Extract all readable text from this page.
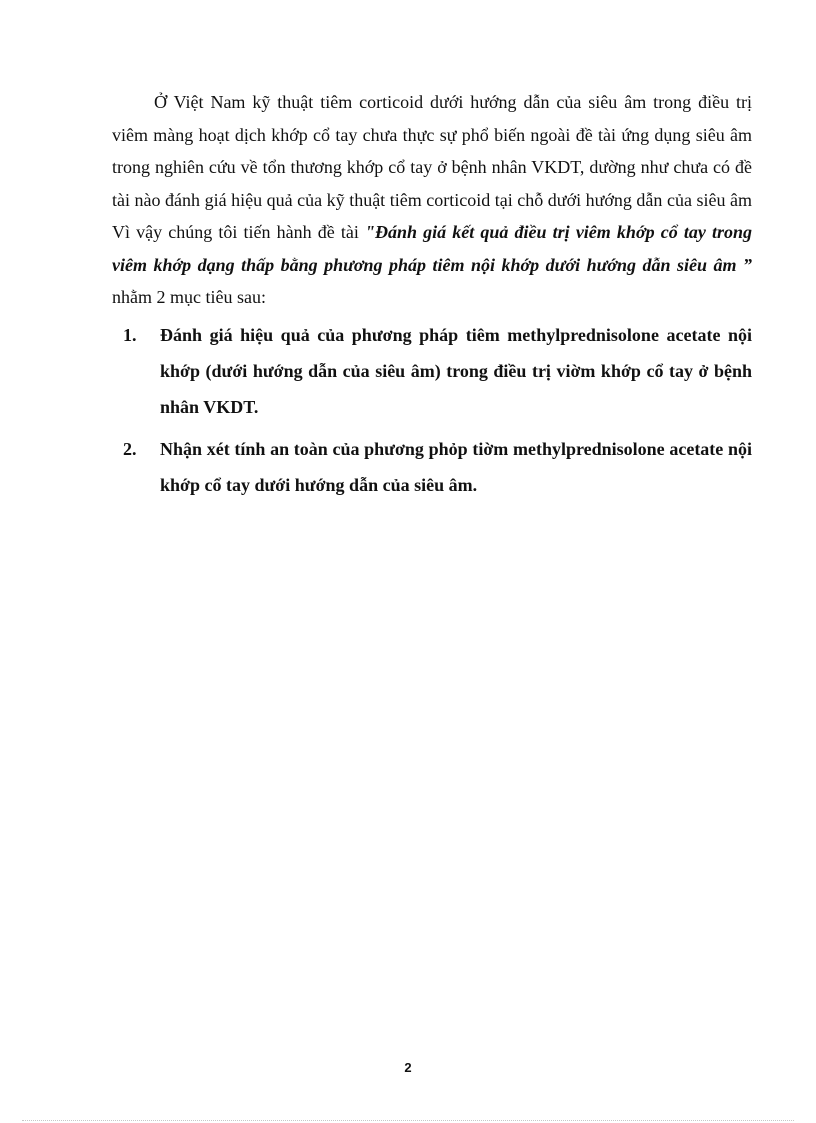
Ở Việt Nam kỹ thuật tiêm corticoid dưới hướng dẫn của siêu âm trong điều trị viêm màng hoạt dịch khớp cổ tay chưa thực sự phổ biến ngoài đề tài ứng dụng siêu âm trong nghiên cứu về tổn thương khớp cổ tay ở bệnh nhân VKDT, dường như chưa có đề tài nào đánh giá hiệu quả của kỹ thuật tiêm corticoid tại chỗ dưới hướng dẫn của siêu âm Vì vậy chúng tôi tiến hành đề tài "Đánh giá kết quả điều trị viêm khớp cổ tay trong viêm khớp dạng thấp bằng phương pháp tiêm nội khớp dưới hướng dẫn siêu âm ” nhằm 2 mục tiêu sau:

1. Đánh giá hiệu quả của phương pháp tiêm methylprednisolone acetate nội khớp (dưới hướng dẫn của siêu âm) trong điều trị viờm khớp cổ tay ở bệnh nhân VKDT.
2. Nhận xét tính an toàn của phương phỏp tiờm methylprednisolone acetate nội khớp cổ tay dưới hướng dẫn của siêu âm.
2
